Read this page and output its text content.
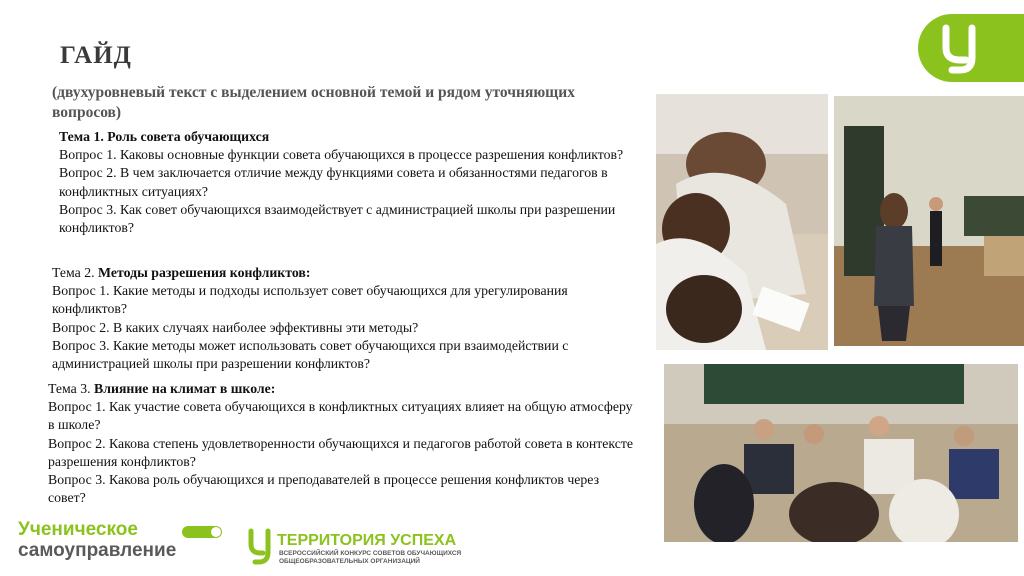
ГАЙД
(двухуровневый текст с выделением основной темой и рядом уточняющих вопросов)
Тема 1. Роль совета обучающихся
Вопрос 1. Каковы основные функции совета обучающихся в процессе разрешения конфликтов?
Вопрос 2. В чем заключается отличие между функциями совета и обязанностями педагогов в конфликтных ситуациях?
Вопрос 3. Как совет обучающихся взаимодействует с администрацией школы при разрешении конфликтов?
Тема 2. Методы разрешения конфликтов:
Вопрос 1. Какие методы и подходы использует совет обучающихся для урегулирования конфликтов?
Вопрос 2. В каких случаях наиболее эффективны эти методы?
Вопрос 3. Какие методы может использовать совет обучающихся при взаимодействии с администрацией школы при разрешении конфликтов?
Тема 3. Влияние на климат в школе:
Вопрос 1. Как участие совета обучающихся в конфликтных ситуациях влияет на общую атмосферу в школе?
Вопрос 2. Какова степень удовлетворенности обучающихся и педагогов работой совета в контексте разрешения конфликтов?
Вопрос 3. Какова роль обучающихся и преподавателей в процессе решения конфликтов через совет?
Ученическое
самоуправление	ТЕРРИТОРИЯ УСПЕХА
ВСЕРОССИЙСКИЙ КОНКУРС СОВЕТОВ ОБУЧАЮЩИХСЯ
ОБЩЕОБРАЗОВАТЕЛЬНЫХ ОРГАНИЗАЦИЙ
